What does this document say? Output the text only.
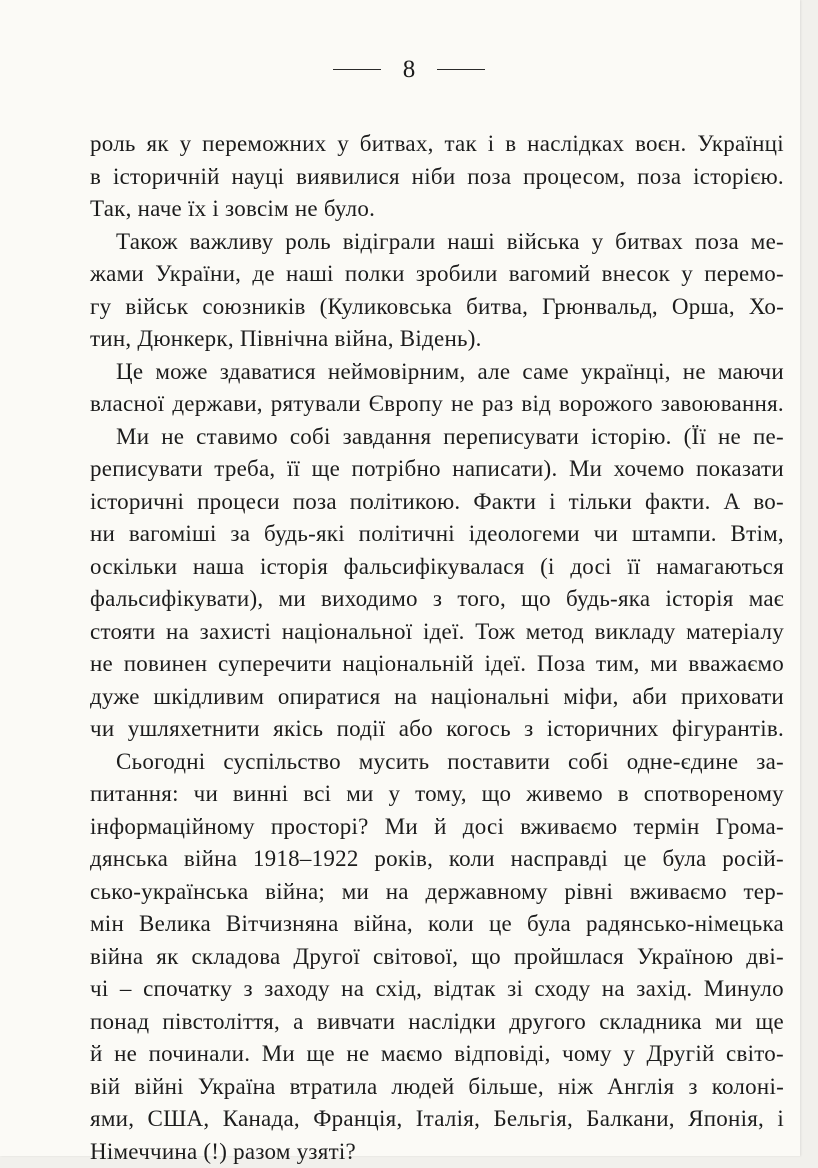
8
роль як у переможних у битвах, так і в наслідках воєн. Українці
в історичній науці виявилися ніби поза процесом, поза історією.
Так, наче їх і зовсім не було.
Також важливу роль відіграли наші війська у битвах поза ме-
жами України, де наші полки зробили вагомий внесок у перемо-
гу військ союзників (Куликовська битва, Грюнвальд, Орша, Хо-
тин, Дюнкерк, Північна війна, Відень).
Це може здаватися неймовірним, але саме українці, не маючи
власної держави, рятували Європу не раз від ворожого завоювання.
Ми не ставимо собі завдання переписувати історію. (Її не пе-
реписувати треба, її ще потрібно написати). Ми хочемо показати
історичні процеси поза політикою. Факти і тільки факти. А во-
ни вагоміші за будь-які політичні ідеологеми чи штампи. Втім,
оскільки наша історія фальсифікувалася (і досі її намагаються
фальсифікувати), ми виходимо з того, що будь-яка історія має
стояти на захисті національної ідеї. Тож метод викладу матеріалу
не повинен суперечити національній ідеї. Поза тим, ми вважаємо
дуже шкідливим опиратися на національні міфи, аби приховати
чи ушляхетнити якісь події або когось з історичних фігурантів.
Сьогодні суспільство мусить поставити собі одне-єдине за-
питання: чи винні всі ми у тому, що живемо в спотвореному
інформаційному просторі? Ми й досі вживаємо термін Грома-
дянська війна 1918–1922 років, коли насправді це була росій-
сько-українська війна; ми на державному рівні вживаємо тер-
мін Велика Вітчизняна війна, коли це була радянсько-німецька
війна як складова Другої світової, що пройшлася Україною дві-
чі – спочатку з заходу на схід, відтак зі сходу на захід. Минуло
понад півстоліття, а вивчати наслідки другого складника ми ще
й не починали. Ми ще не маємо відповіді, чому у Другій світо-
вій війні Україна втратила людей більше, ніж Англія з колоні-
ями, США, Канада, Франція, Італія, Бельгія, Балкани, Японія, і
Німеччина (!) разом узяті?
